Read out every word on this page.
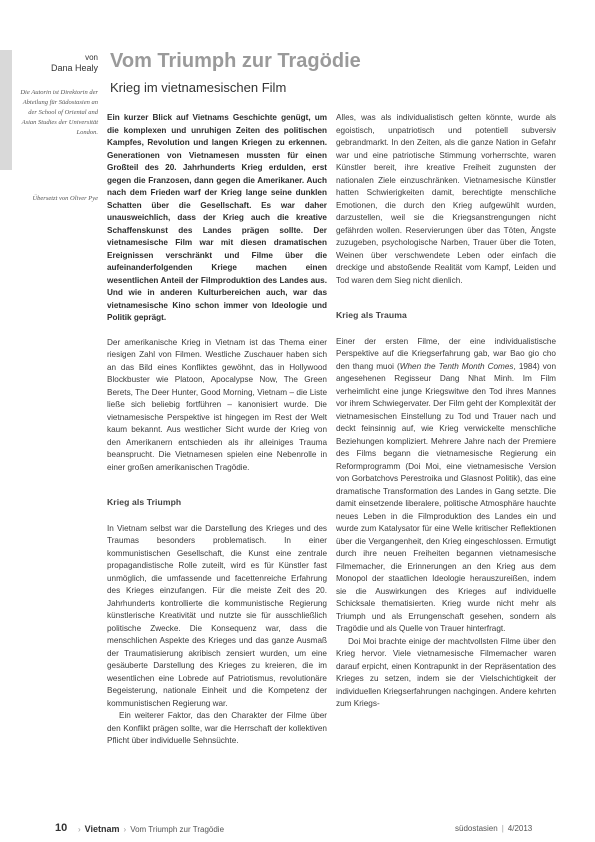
von
Dana Healy
Die Autorin ist Direktorin der Abteilung für Südostasien an der School of Oriental and Asian Studies der Universität London.
Übersetzt von Oliver Pye
Vom Triumph zur Tragödie
Krieg im vietnamesischen Film

Ein kurzer Blick auf Vietnams Geschichte genügt, um die komplexen und unruhigen Zeiten des politischen Kampfes, Revolution und langen Kriegen zu erkennen. Generationen von Vietnamesen mussten für einen Großteil des 20. Jahrhunderts Krieg erdulden, erst gegen die Franzosen, dann gegen die Amerikaner. Auch nach dem Frieden warf der Krieg lange seine dunklen Schatten über die Gesellschaft. Es war daher unausweichlich, dass der Krieg auch die kreative Schaffenskunst des Landes prägen sollte. Der vietnamesische Film war mit diesen dramatischen Ereignissen verschränkt und Filme über die aufeinanderfolgenden Kriege machen einen wesentlichen Anteil der Filmproduktion des Landes aus. Und wie in anderen Kulturbereichen auch, war das vietnamesische Kino schon immer von Ideologie und Politik geprägt.

Der amerikanische Krieg in Vietnam ist das Thema einer riesigen Zahl von Filmen. Westliche Zuschauer haben sich an das Bild eines Konfliktes gewöhnt, das in Hollywood Blockbuster wie Platoon, Apocalypse Now, The Green Berets, The Deer Hunter, Good Morning, Vietnam – die Liste ließe sich beliebig fortführen – kanonisiert wurde. Die vietnamesische Perspektive ist hingegen im Rest der Welt kaum bekannt. Aus westlicher Sicht wurde der Krieg von den Amerikanern entschieden als ihr alleiniges Trauma beansprucht. Die Vietnamesen spielen eine Nebenrolle in einer großen amerikanischen Tragödie.

Krieg als Triumph

In Vietnam selbst war die Darstellung des Krieges und des Traumas besonders problematisch. In einer kommunistischen Gesellschaft, die Kunst eine zentrale propagandistische Rolle zuteilt, wird es für Künstler fast unmöglich, die umfassende und facettenreiche Erfahrung des Krieges einzufangen. Für die meiste Zeit des 20. Jahrhunderts kontrollierte die kommunistische Regierung künstlerische Kreativität und nutzte sie für ausschließlich politische Zwecke. Die Konsequenz war, dass die menschlichen Aspekte des Krieges und das ganze Ausmaß der Traumatisierung akribisch zensiert wurden, um eine gesäuberte Darstellung des Krieges zu kreieren, die im wesentlichen eine Lobrede auf Patriotismus, revolutionäre Begeisterung, nationale Einheit und die Kompetenz der kommunistischen Regierung war.

Ein weiterer Faktor, das den Charakter der Filme über den Konflikt prägen sollte, war die Herrschaft der kollektiven Pflicht über individuelle Sehnsüchte.

Alles, was als individualistisch gelten könnte, wurde als egoistisch, unpatriotisch und potentiell subversiv gebrandmarkt. In den Zeiten, als die ganze Nation in Gefahr war und eine patriotische Stimmung vorherrschte, waren Künstler bereit, ihre kreative Freiheit zugunsten der nationalen Ziele einzuschränken. Vietnamesische Künstler hatten Schwierigkeiten damit, berechtigte menschliche Emotionen, die durch den Krieg aufgewühlt wurden, darzustellen, weil sie die Kriegsanstrengungen nicht gefährden wollen. Reservierungen über das Töten, Ängste zuzugeben, psychologische Narben, Trauer über die Toten, Weinen über verschwendete Leben oder einfach die dreckige und abstoßende Realität vom Kampf, Leiden und Tod waren dem Sieg nicht dienlich.

Krieg als Trauma

Einer der ersten Filme, der eine individualistische Perspektive auf die Kriegserfahrung gab, war Bao gio cho den thang muoi (When the Tenth Month Comes, 1984) von angesehenen Regisseur Dang Nhat Minh. Im Film verheimlicht eine junge Kriegswitwe den Tod ihres Mannes vor ihrem Schwiegervater. Der Film geht der Komplexität der vietnamesischen Einstellung zu Tod und Trauer nach und deckt feinsinnig auf, wie Krieg verwickelte menschliche Beziehungen kompliziert. Mehrere Jahre nach der Premiere des Films begann die vietnamesische Regierung ein Reformprogramm (Doi Moi, eine vietnamesische Version von Gorbatchovs Perestroika und Glasnost Politik), das eine dramatische Transformation des Landes in Gang setzte. Die damit einsetzende liberalere, politische Atmosphäre hauchte neues Leben in die Filmproduktion des Landes ein und wurde zum Katalysator für eine Welle kritischer Reflektionen über die Vergangenheit, den Krieg eingeschlossen. Ermutigt durch ihre neuen Freiheiten begannen vietnamesische Filmemacher, die Erinnerungen an den Krieg aus dem Monopol der staatlichen Ideologie herauszureißen, indem sie die Auswirkungen des Krieges auf individuelle Schicksale thematisierten. Krieg wurde nicht mehr als Triumph und als Errungenschaft gesehen, sondern als Tragödie und als Quelle von Trauer hinterfragt.

Doi Moi brachte einige der machtvollsten Filme über den Krieg hervor. Viele vietnamesische Filmemacher waren darauf erpicht, einen Kontrapunkt in der Repräsentation des Krieges zu setzen, indem sie der Vielschichtigkeit der individuellen Kriegserfahrungen nachgingen. Andere kehrten zum Kriegs-

10	› Vietnam › Vom Triumph zur Tragödie	südostasien | 4/2013
